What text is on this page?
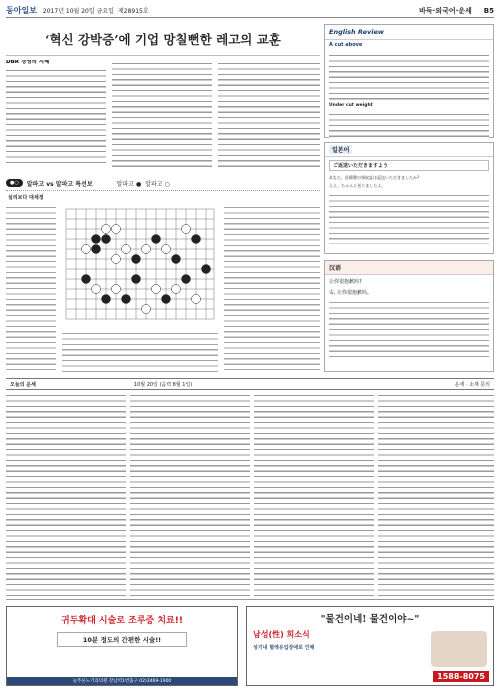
동아일보 2017년 10월 20일 금요일 제28915호	바둑·외국어·운세 B5
‘혁신 강박증’에 기업 망칠뻔한 레고의 교훈
DBR 경영의 지혜
●○	알파고 vs 알파고 특선보	알파고 ● 알파고 ○
실리보다 대세정
English Review
A cut above
Under cut weight
일본어
ご返送いただきますよう
あなた、医療費の領収証は返送いただきましたか?
ええ、ちゃんと送りましたよ。
汉语
让你很抱歉吗?
숙, 让你很抱歉吗。
오늘의 운세	10월 20일 (음력 8월 1일)	운세 · 소재 문의
귀두확대 시술로 조루증 치료!!
10분 정도의 간편한 시술!!
늘푸른노기과의원 강남역1번출구 02)3469-1900
"물건이네! 물건이야~"
남성(性) 희소식
성기내 혈액유입장애로 인해
1588-8075
